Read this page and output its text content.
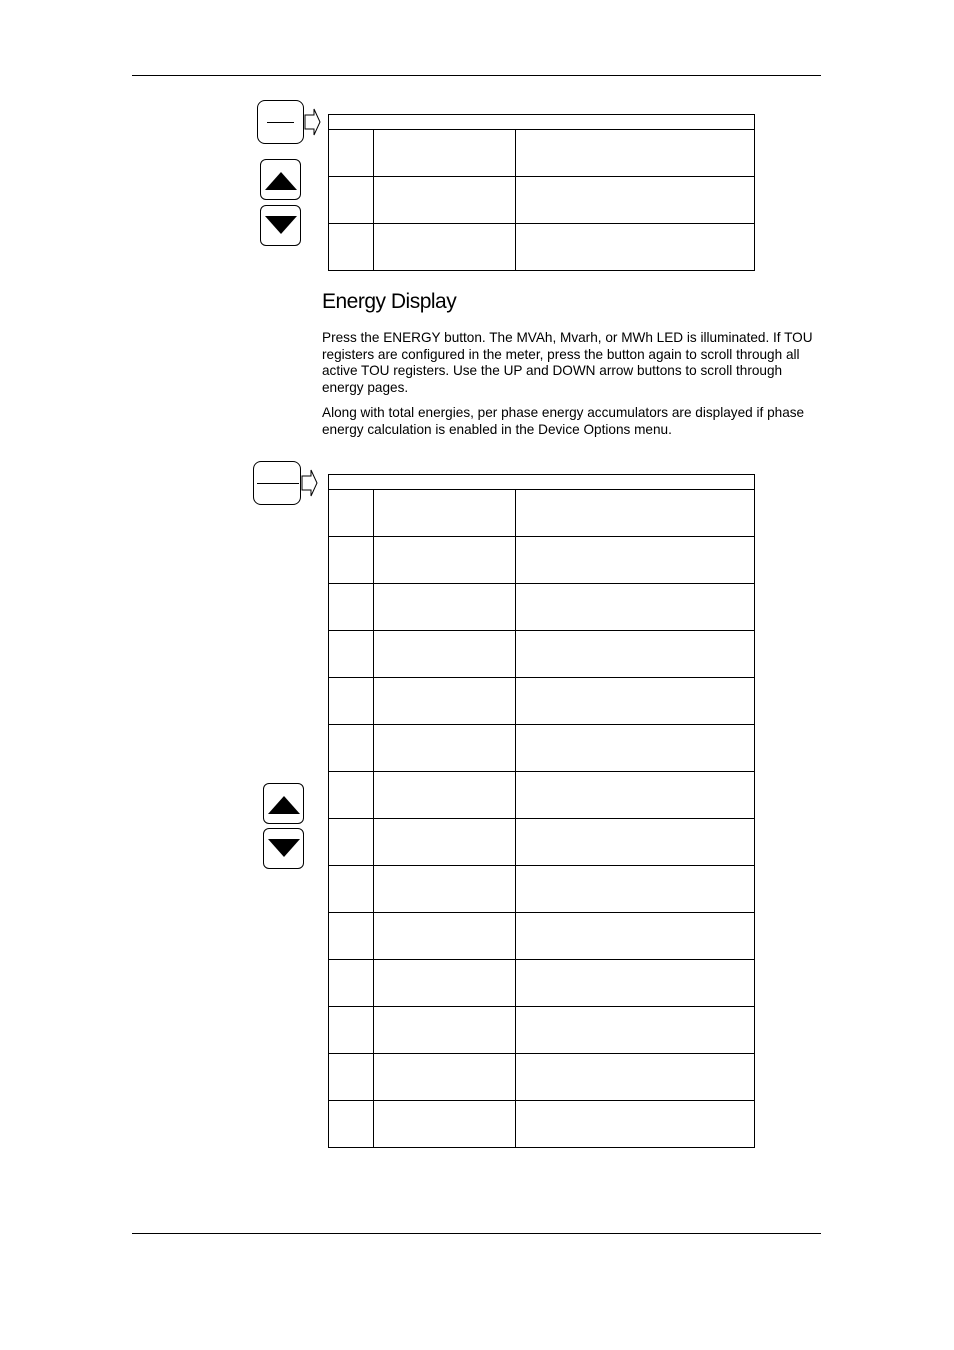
Energy Display

Press the ENERGY button. The MVAh, Mvarh, or MWh LED is illuminated. If TOU registers are configured in the meter, press the button again to scroll through all active TOU registers. Use the UP and DOWN arrow buttons to scroll through energy pages.

Along with total energies, per phase energy accumulators are displayed if phase energy calculation is enabled in the Device Options menu.
